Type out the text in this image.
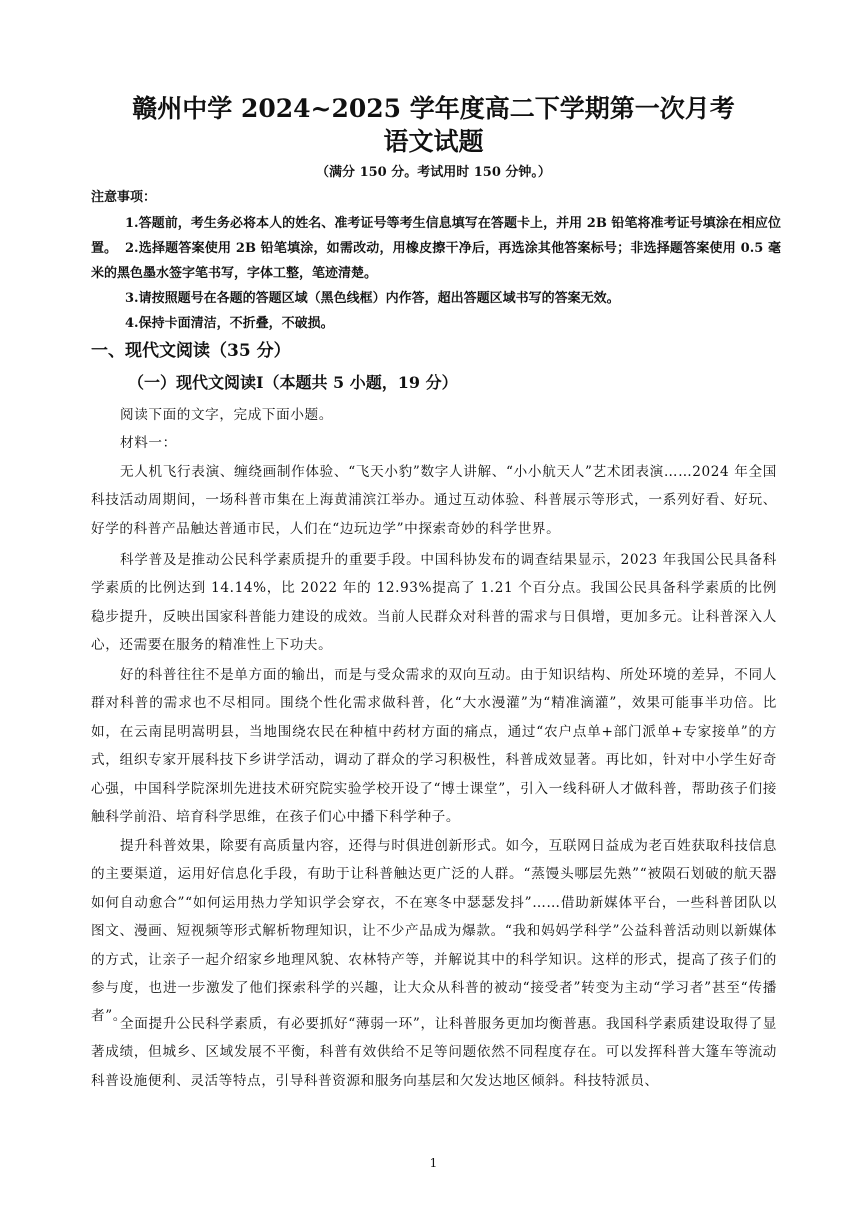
赣州中学 2024~2025 学年度高二下学期第一次月考
语文试题
（满分 150 分。考试用时 150 分钟。）
注意事项：
1.答题前，考生务必将本人的姓名、准考证号等考生信息填写在答题卡上，并用 2B 铅笔将准考证号填涂在相应位置。 2.选择题答案使用 2B 铅笔填涂，如需改动，用橡皮擦干净后，再选涂其他答案标号；非选择题答案使用 0.5 毫米的黑色墨水签字笔书写，字体工整，笔迹清楚。
3.请按照题号在各题的答题区域（黑色线框）内作答，超出答题区域书写的答案无效。
4.保持卡面清洁，不折叠，不破损。
一、现代文阅读（35 分）
（一）现代文阅读I（本题共 5 小题，19 分）
阅读下面的文字，完成下面小题。
材料一：
无人机飞行表演、缠绕画制作体验、“飞天小豹”数字人讲解、“小小航天人”艺术团表演……2024 年全国科技活动周期间，一场科普市集在上海黄浦滨江举办。通过互动体验、科普展示等形式，一系列好看、好玩、好学的科普产品触达普通市民，人们在“边玩边学”中探索奇妙的科学世界。
科学普及是推动公民科学素质提升的重要手段。中国科协发布的调查结果显示，2023 年我国公民具备科学素质的比例达到 14.14%，比 2022 年的 12.93%提高了 1.21 个百分点。我国公民具备科学素质的比例稳步提升，反映出国家科普能力建设的成效。当前人民群众对科普的需求与日俱增，更加多元。让科普深入人心，还需要在服务的精准性上下功夫。
好的科普往往不是单方面的输出，而是与受众需求的双向互动。由于知识结构、所处环境的差异，不同人群对科普的需求也不尽相同。围绕个性化需求做科普，化“大水漫灌”为“精准滴灌”，效果可能事半功倍。比如，在云南昆明嵩明县，当地围绕农民在种植中药材方面的痛点，通过“农户点单+部门派单+专家接单”的方式，组织专家开展科技下乡讲学活动，调动了群众的学习积极性，科普成效显著。再比如，针对中小学生好奇心强，中国科学院深圳先进技术研究院实验学校开设了“博士课堂”，引入一线科研人才做科普，帮助孩子们接触科学前沿、培育科学思维，在孩子们心中播下科学种子。
提升科普效果，除要有高质量内容，还得与时俱进创新形式。如今，互联网日益成为老百姓获取科技信息的主要渠道，运用好信息化手段，有助于让科普触达更广泛的人群。“蒸馒头哪层先熟”“被陨石划破的航天器如何自动愈合”“如何运用热力学知识学会穿衣，不在寒冬中瑟瑟发抖”……借助新媒体平台，一些科普团队以图文、漫画、短视频等形式解析物理知识，让不少产品成为爆款。“我和妈妈学科学”公益科普活动则以新媒体的方式，让亲子一起介绍家乡地理风貌、农林特产等，并解说其中的科学知识。这样的形式，提高了孩子们的参与度，也进一步激发了他们探索科学的兴趣，让大众从科普的被动“接受者”转变为主动“学习者”甚至“传播者”。
全面提升公民科学素质，有必要抓好“薄弱一环”，让科普服务更加均衡普惠。我国科学素质建设取得了显著成绩，但城乡、区域发展不平衡，科普有效供给不足等问题依然不同程度存在。可以发挥科普大篷车等流动科普设施便利、灵活等特点，引导科普资源和服务向基层和欠发达地区倾斜。科技特派员、
1
